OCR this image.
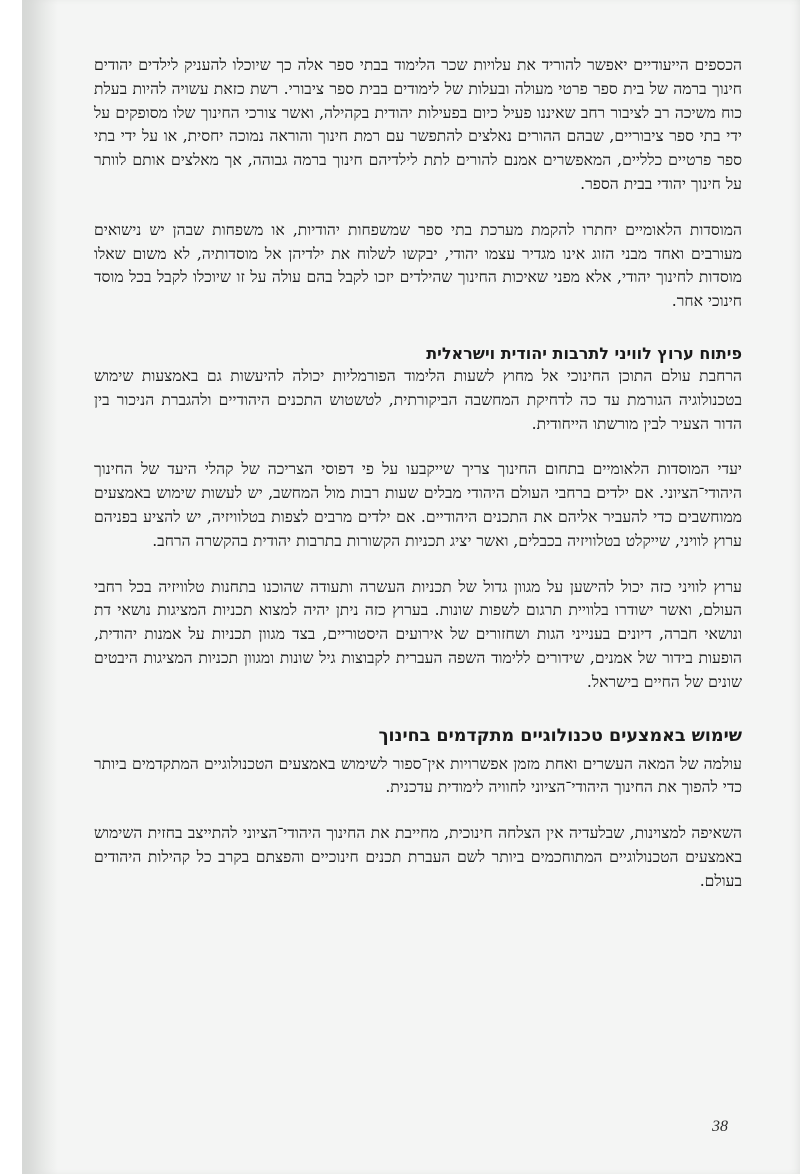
הכספים הייעודיים יאפשר להוריד את עלויות שכר הלימוד בבתי ספר אלה כך שיוכלו להעניק לילדים יהודים חינוך ברמה של בית ספר פרטי מעולה ובעלות של לימודים בבית ספר ציבורי. רשת כזאת עשויה להיות בעלת כוח משיכה רב לציבור רחב שאיננו פעיל כיום בפעילות יהודית בקהילה, ואשר צורכי החינוך שלו מסופקים על ידי בתי ספר ציבוריים, שבהם ההורים נאלצים להתפשר עם רמת חינוך והוראה נמוכה יחסית, או על ידי בתי ספר פרטיים כלליים, המאפשרים אמנם להורים לתת לילדיהם חינוך ברמה גבוהה, אך מאלצים אותם לוותר על חינוך יהודי בבית הספר.

המוסדות הלאומיים יחתרו להקמת מערכת בתי ספר שמשפחות יהודיות, או משפחות שבהן יש נישואים מעורבים ואחד מבני הזוג אינו מגדיר עצמו יהודי, יבקשו לשלוח את ילדיהן אל מוסדותיה, לא משום שאלו מוסדות לחינוך יהודי, אלא מפני שאיכות החינוך שהילדים יזכו לקבל בהם עולה על זו שיוכלו לקבל בכל מוסד חינוכי אחר.

פיתוח ערוץ לוויני לתרבות יהודית וישראלית

הרחבת עולם התוכן החינוכי אל מחוץ לשעות הלימוד הפורמליות יכולה להיעשות גם באמצעות שימוש בטכנולוגיה הגורמת עד כה לדחיקת המחשבה הביקורתית, לטשטוש התכנים היהודיים ולהגברת הניכור בין הדור הצעיר לבין מורשתו הייחודית.

יעדי המוסדות הלאומיים בתחום החינוך צריך שייקבעו על פי דפוסי הצריכה של קהלי היעד של החינוך היהודי־הציוני. אם ילדים ברחבי העולם היהודי מבלים שעות רבות מול המחשב, יש לעשות שימוש באמצעים ממוחשבים כדי להעביר אליהם את התכנים היהודיים. אם ילדים מרבים לצפות בטלוויזיה, יש להציע בפניהם ערוץ לוויני, שייקלט בטלוויזיה בכבלים, ואשר יציג תכניות הקשורות בתרבות יהודית בהקשרה הרחב.

ערוץ לוויני כזה יכול להישען על מגוון גדול של תכניות העשרה ותעודה שהוכנו בתחנות טלוויזיה בכל רחבי העולם, ואשר ישודרו בלוויית תרגום לשפות שונות. בערוץ כזה ניתן יהיה למצוא תכניות המציגות נושאי דת ונושאי חברה, דיונים בענייני הגות ושחזורים של אירועים היסטוריים, בצד מגוון תכניות על אמנות יהודית, הופעות בידור של אמנים, שידורים ללימוד השפה העברית לקבוצות גיל שונות ומגוון תכניות המציגות היבטים שונים של החיים בישראל.

שימוש באמצעים טכנולוגיים מתקדמים בחינוך

עולמה של המאה העשרים ואחת מזמן אפשרויות אין־ספור לשימוש באמצעים הטכנולוגיים המתקדמים ביותר כדי להפוך את החינוך היהודי־הציוני לחוויה לימודית עדכנית.

השאיפה למצוינות, שבלעדיה אין הצלחה חינוכית, מחייבת את החינוך היהודי־הציוני להתייצב בחזית השימוש באמצעים הטכנולוגיים המתוחכמים ביותר לשם העברת תכנים חינוכיים והפצתם בקרב כל קהילות היהודים בעולם.

38
